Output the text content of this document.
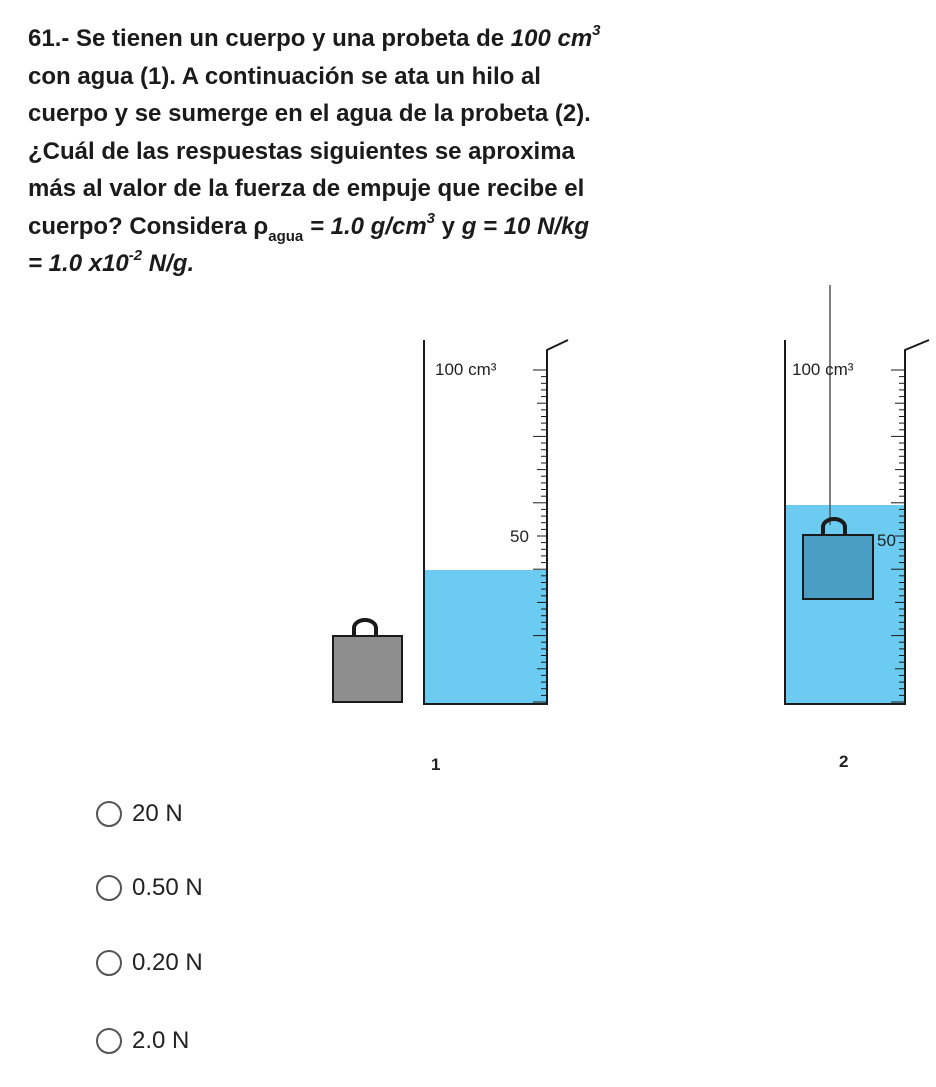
61.- Se tienen un cuerpo y una probeta de 100 $cm^3$
con agua (1). A continuación se ata un hilo al
cuerpo y se sumerge en el agua de la probeta (2).
¿Cuál de las respuestas siguientes se aproxima
más al valor de la fuerza de empuje que recibe el
cuerpo? Considera $\rho_{agua} = 1.0$ $g/cm^3$ y g = 10 N/kg
= 1.0 $x10^{-2}$ N/g.
100 cm³
50
1
100 cm³
50
2
20 N
0.50 N
0.20 N
2.0 N
